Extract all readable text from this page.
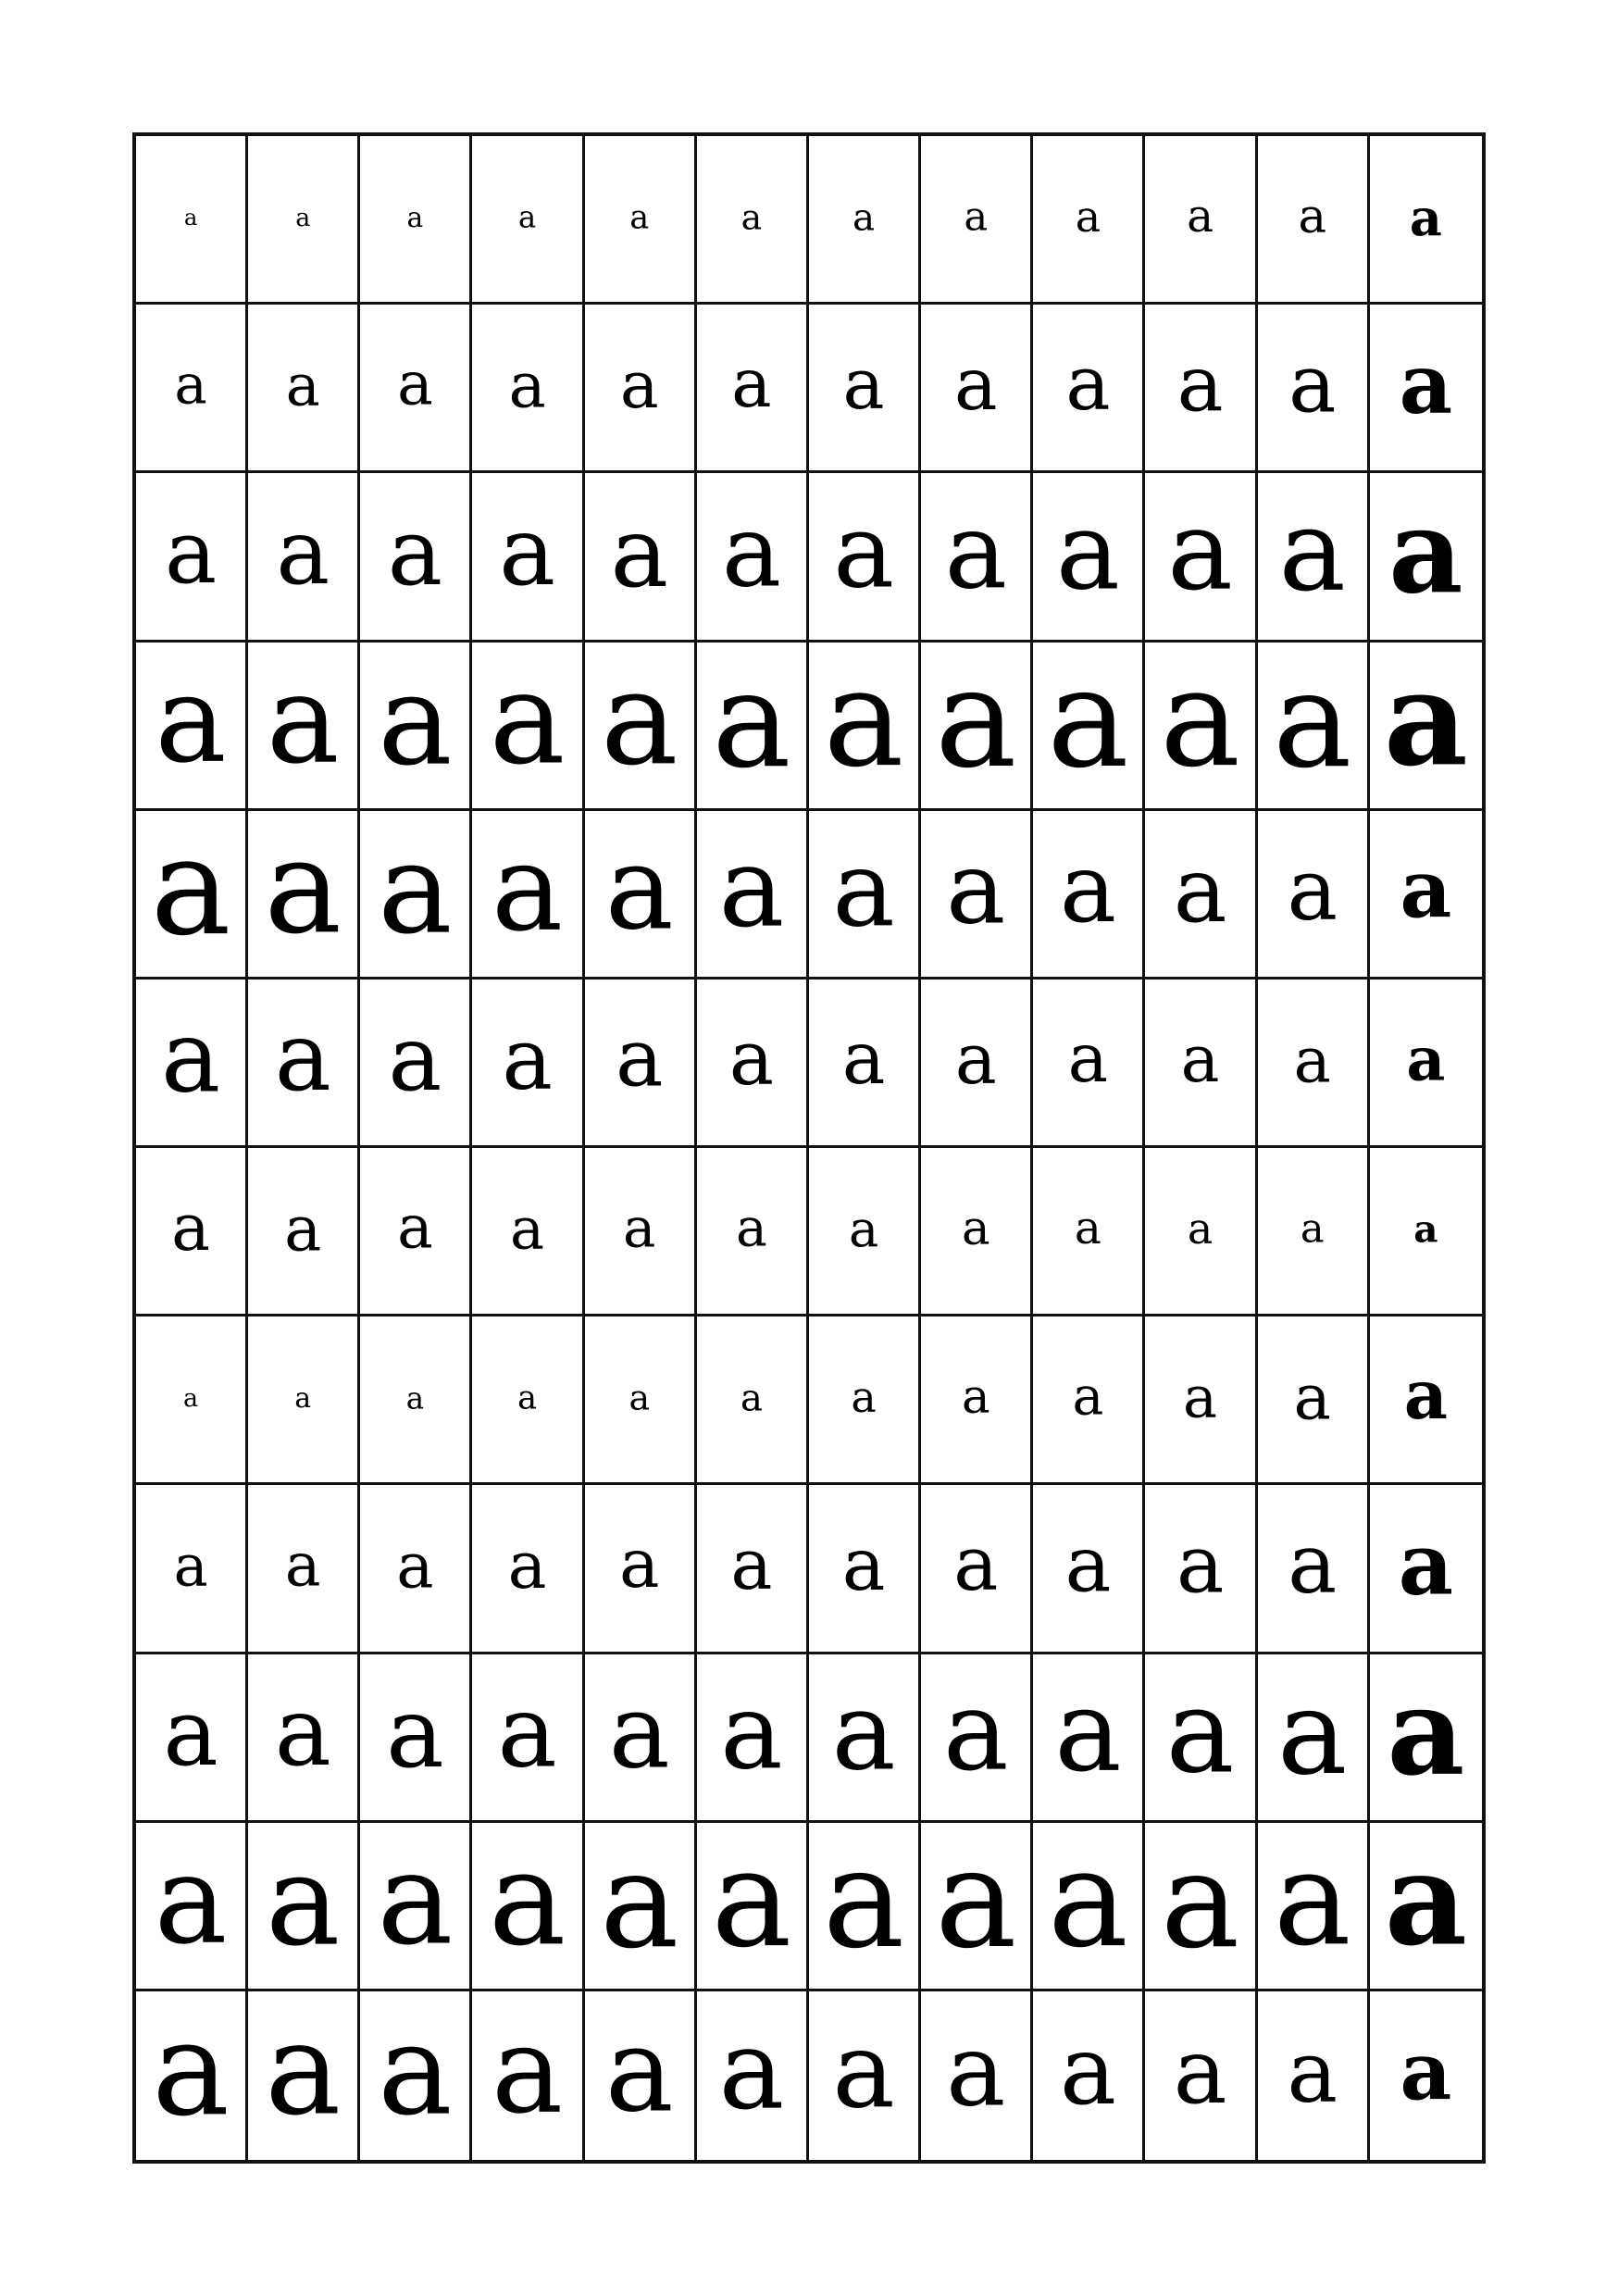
a	a	a	a	a	a a a a a a a
a a a a a a a a a a a a
a a a a a a a a a a a a
a a a a a a a a a a a a
a a a a a a a a a a a a
a a a a a a a a a a a a
a a a a a a a a a a a a
a	a	a	a	a a a a a a a a
a a a a a a a a a a a a
a a a a a a a a a a a a
a a a a a a a a a a a a
a a a a a a a a a a a a
